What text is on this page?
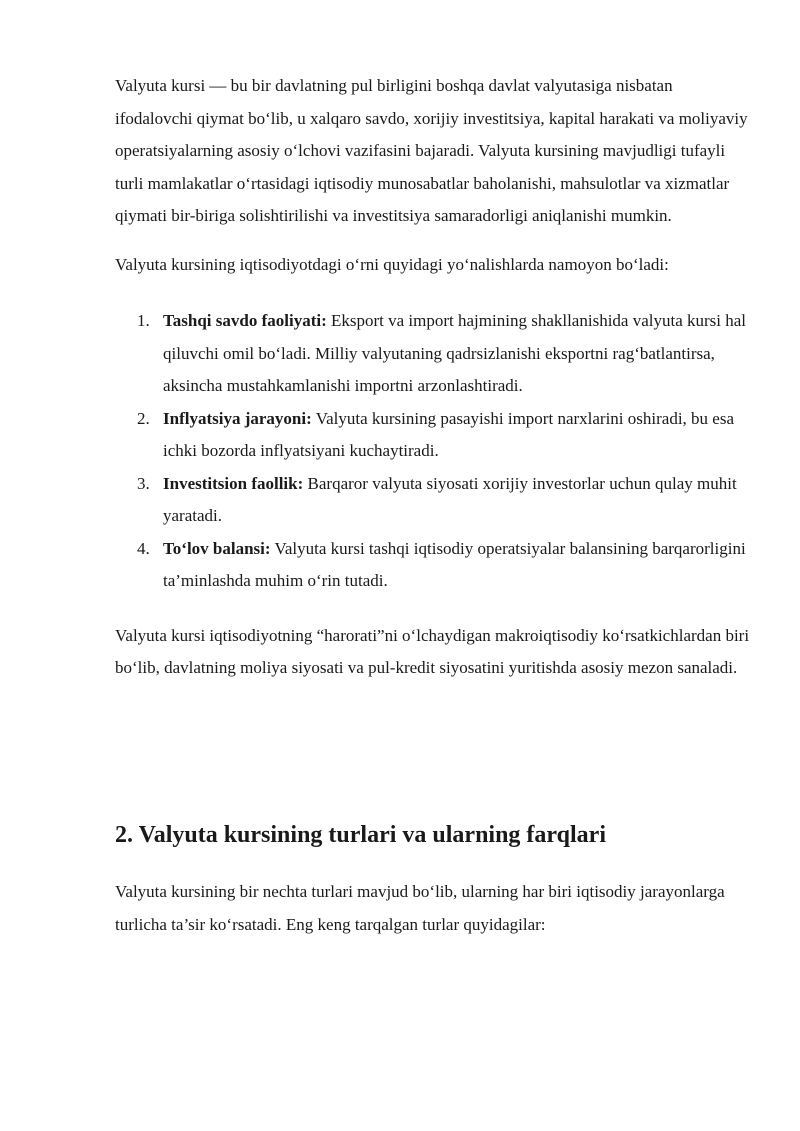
Valyuta kursi — bu bir davlatning pul birligini boshqa davlat valyutasiga nisbatan ifodalovchi qiymat bo‘lib, u xalqaro savdo, xorijiy investitsiya, kapital harakati va moliyaviy operatsiyalarning asosiy o‘lchovi vazifasini bajaradi. Valyuta kursining mavjudligi tufayli turli mamlakatlar o‘rtasidagi iqtisodiy munosabatlar baholanishi, mahsulotlar va xizmatlar qiymati bir-biriga solishtirilishi va investitsiya samaradorligi aniqlanishi mumkin.

Valyuta kursining iqtisodiyotdagi o‘rni quyidagi yo‘nalishlarda namoyon bo‘ladi:

1. Tashqi savdo faoliyati: Eksport va import hajmining shakllanishida valyuta kursi hal qiluvchi omil bo‘ladi. Milliy valyutaning qadrsizlanishi eksportni rag‘batlantirsa, aksincha mustahkamlanishi importni arzonlashtiradi.
2. Inflyatsiya jarayoni: Valyuta kursining pasayishi import narxlarini oshiradi, bu esa ichki bozorda inflyatsiyani kuchaytiradi.
3. Investitsion faollik: Barqaror valyuta siyosati xorijiy investorlar uchun qulay muhit yaratadi.
4. To‘lov balansi: Valyuta kursi tashqi iqtisodiy operatsiyalar balansining barqarorligini ta’minlashda muhim o‘rin tutadi.

Valyuta kursi iqtisodiyotning “harorati”ni o‘lchaydigan makroiqtisodiy ko‘rsatkichlardan biri bo‘lib, davlatning moliya siyosati va pul-kredit siyosatini yuritishda asosiy mezon sanaladi.

2. Valyuta kursining turlari va ularning farqlari

Valyuta kursining bir nechta turlari mavjud bo‘lib, ularning har biri iqtisodiy jarayonlarga turlicha ta’sir ko‘rsatadi. Eng keng tarqalgan turlar quyidagilar:
